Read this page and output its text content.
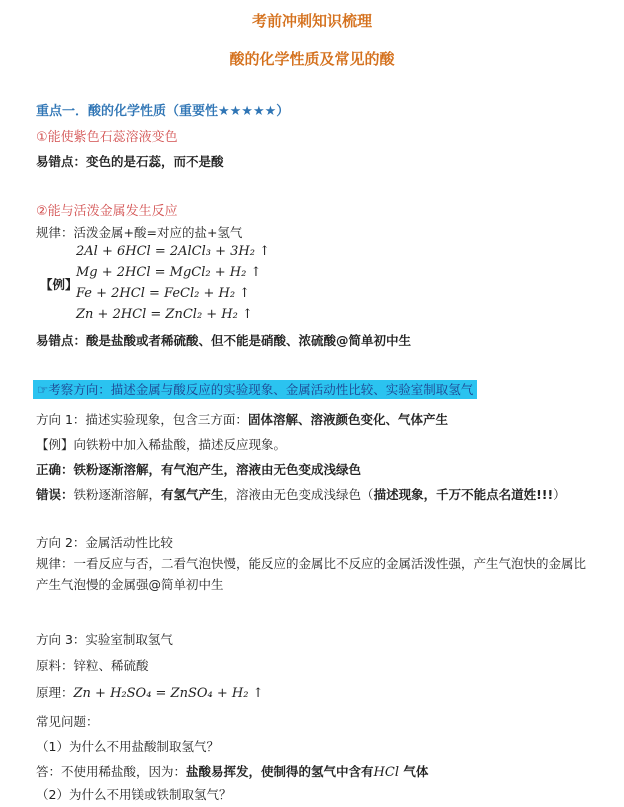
考前冲刺知识梳理
酸的化学性质及常见的酸
重点一．酸的化学性质（重要性★★★★★）
①能使紫色石蕊溶液变色
易错点：变色的是石蕊，而不是酸
②能与活泼金属发生反应
规律：活泼金属+酸=对应的盐+氢气
2Al + 6HCl = 2AlCl₃ + 3H₂ ↑
Mg + 2HCl = MgCl₂ + H₂ ↑
【例】
Fe + 2HCl = FeCl₂ + H₂ ↑
Zn + 2HCl = ZnCl₂ + H₂ ↑
易错点：酸是盐酸或者稀硫酸、但不能是硝酸、浓硫酸@简单初中生
☞考察方向：描述金属与酸反应的实验现象、金属活动性比较、实验室制取氢气
方向 1：描述实验现象，包含三方面：固体溶解、溶液颜色变化、气体产生
【例】向铁粉中加入稀盐酸，描述反应现象。
正确：铁粉逐渐溶解，有气泡产生，溶液由无色变成浅绿色
错误：铁粉逐渐溶解，有氢气产生，溶液由无色变成浅绿色（描述现象，千万不能点名道姓!!!）
方向 2：金属活动性比较
规律：一看反应与否，二看气泡快慢，能反应的金属比不反应的金属活泼性强，产生气泡快的金属比产生气泡慢的金属强@简单初中生
方向 3：实验室制取氢气
原料：锌粒、稀硫酸
原理：Zn + H₂SO₄ = ZnSO₄ + H₂ ↑
常见问题：
（1）为什么不用盐酸制取氢气？
答：不使用稀盐酸，因为：盐酸易挥发，使制得的氢气中含有HCl 气体
（2）为什么不用镁或铁制取氢气？
